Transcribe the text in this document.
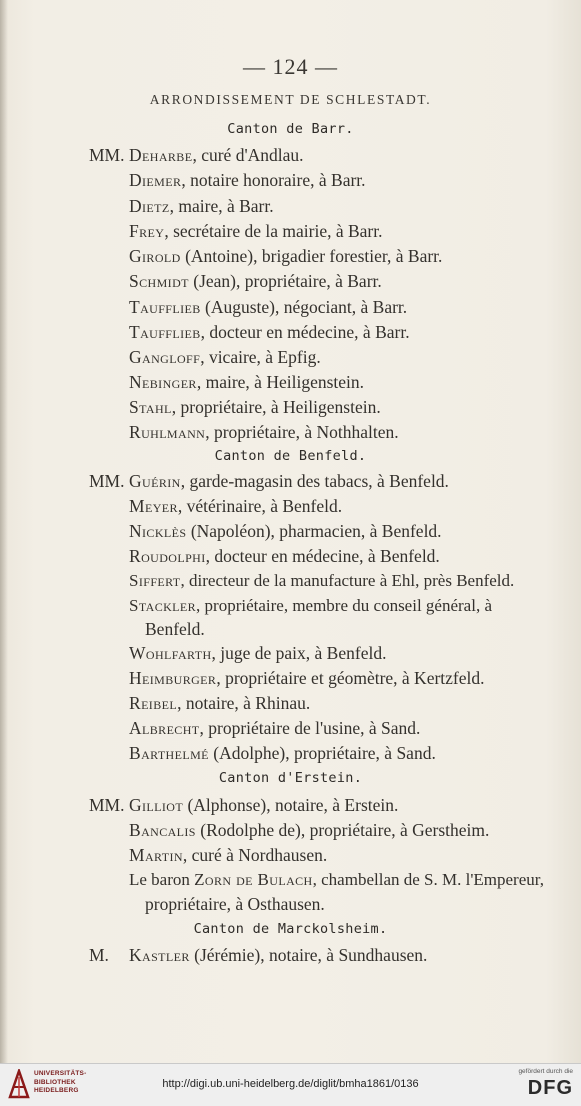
— 124 —
ARRONDISSEMENT DE SCHLESTADT.
Canton de Barr.
MM. Deharbe, curé d'Andlau.
Diemer, notaire honoraire, à Barr.
Dietz, maire, à Barr.
Frey, secrétaire de la mairie, à Barr.
Girold (Antoine), brigadier forestier, à Barr.
Schmidt (Jean), propriétaire, à Barr.
Taufflieb (Auguste), négociant, à Barr.
Taufflieb, docteur en médecine, à Barr.
Gangloff, vicaire, à Epfig.
Nebinger, maire, à Heiligenstein.
Stahl, propriétaire, à Heiligenstein.
Ruhlmann, propriétaire, à Nothhalten.
Canton de Benfeld.
MM. Guérin, garde-magasin des tabacs, à Benfeld.
Meyer, vétérinaire, à Benfeld.
Nicklès (Napoléon), pharmacien, à Benfeld.
Roudolphi, docteur en médecine, à Benfeld.
Siffert, directeur de la manufacture à Ehl, près Benfeld.
Stackler, propriétaire, membre du conseil général, à
Benfeld.
Wohlfarth, juge de paix, à Benfeld.
Heimburger, propriétaire et géomètre, à Kertzfeld.
Reibel, notaire, à Rhinau.
Albrecht, propriétaire de l'usine, à Sand.
Barthelmé (Adolphe), propriétaire, à Sand.
Canton d'Erstein.
MM. Gilliot (Alphonse), notaire, à Erstein.
Bancalis (Rodolphe de), propriétaire, à Gerstheim.
Martin, curé à Nordhausen.
Le baron Zorn de Bulach, chambellan de S. M. l'Empereur,
propriétaire, à Osthausen.
Canton de Marckolsheim.
M. Kastler (Jérémie), notaire, à Sundhausen.
UNIVERSITÄTS-
BIBLIOTHEK
HEIDELBERG
http://digi.ub.uni-heidelberg.de/diglit/bmha1861/0136
gefördert durch die
DFG
